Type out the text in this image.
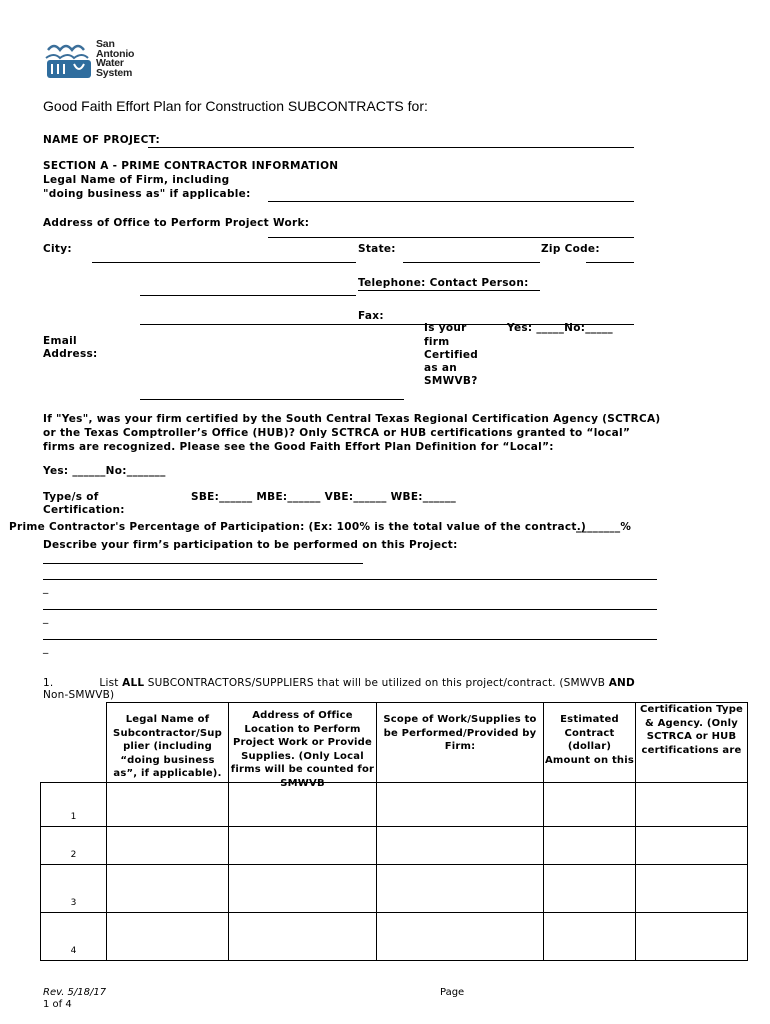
San Antonio Water System
Good Faith Effort Plan for Construction SUBCONTRACTS for:
NAME OF PROJECT:
SECTION A - PRIME CONTRACTOR INFORMATION
Legal Name of Firm, including
"doing business as" if applicable:
Address of Office to Perform Project Work:
City:	State:	Zip Code:
Telephone: Contact Person:
Fax:
Email
Address:
Is your
firm
Certified
as an
SMWVB?
Yes: _____No:_____
If "Yes", was your firm certified by the South Central Texas Regional Certification Agency (SCTRCA)
or the Texas Comptroller’s Office (HUB)? Only SCTRCA or HUB certifications granted to “local”
firms are recognized. Please see the Good Faith Effort Plan Definition for “Local”:
Yes: ______No:_______
Type/s of
Certification:
SBE:______ MBE:______ VBE:______ WBE:______
Prime Contractor's Percentage of Participation: (Ex: 100% is the total value of the contract.)
________%
Describe your firm’s participation to be performed on this Project:
_
_
_
1.	List ALL SUBCONTRACTORS/SUPPLIERS that will be utilized on this project/contract. (SMWVB AND
Non-SMWVB)

	Legal Name of Subcontractor/Sup plier (including “doing business as”, if applicable).	Address of Office Location to Perform Project Work or Provide Supplies. (Only Local firms will be counted for SMWVB	Scope of Work/Supplies to be Performed/Provided by Firm:	Estimated Contract (dollar) Amount on this	Certification Type & Agency. (Only SCTRCA or HUB certifications are

1					
2					
3					
4					
Rev. 5/18/17
1 of 4
Page
